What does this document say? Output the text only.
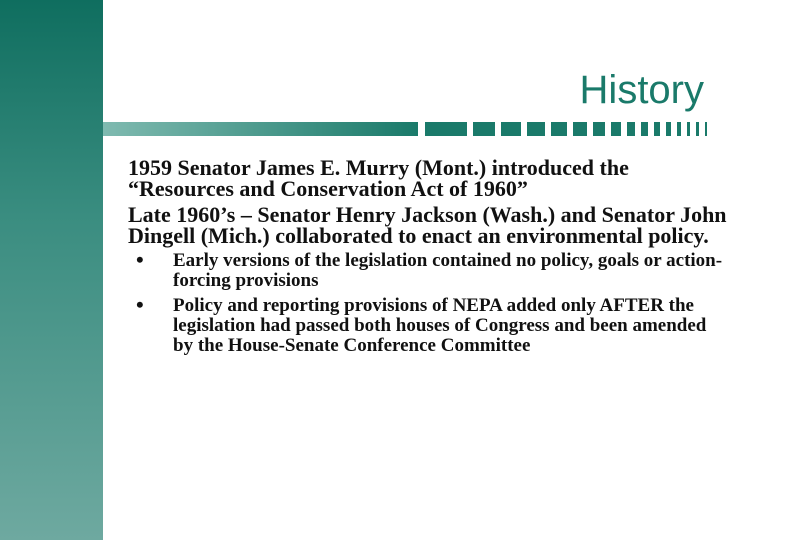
History

1959 Senator James E. Murry (Mont.) introduced the “Resources and Conservation Act of 1960”

Late 1960’s – Senator Henry Jackson (Wash.) and Senator John Dingell (Mich.) collaborated to enact an environmental policy.

• Early versions of the legislation contained no policy, goals or action-forcing provisions
• Policy and reporting provisions of NEPA added only AFTER the legislation had passed both houses of Congress and been amended by the House-Senate Conference Committee
